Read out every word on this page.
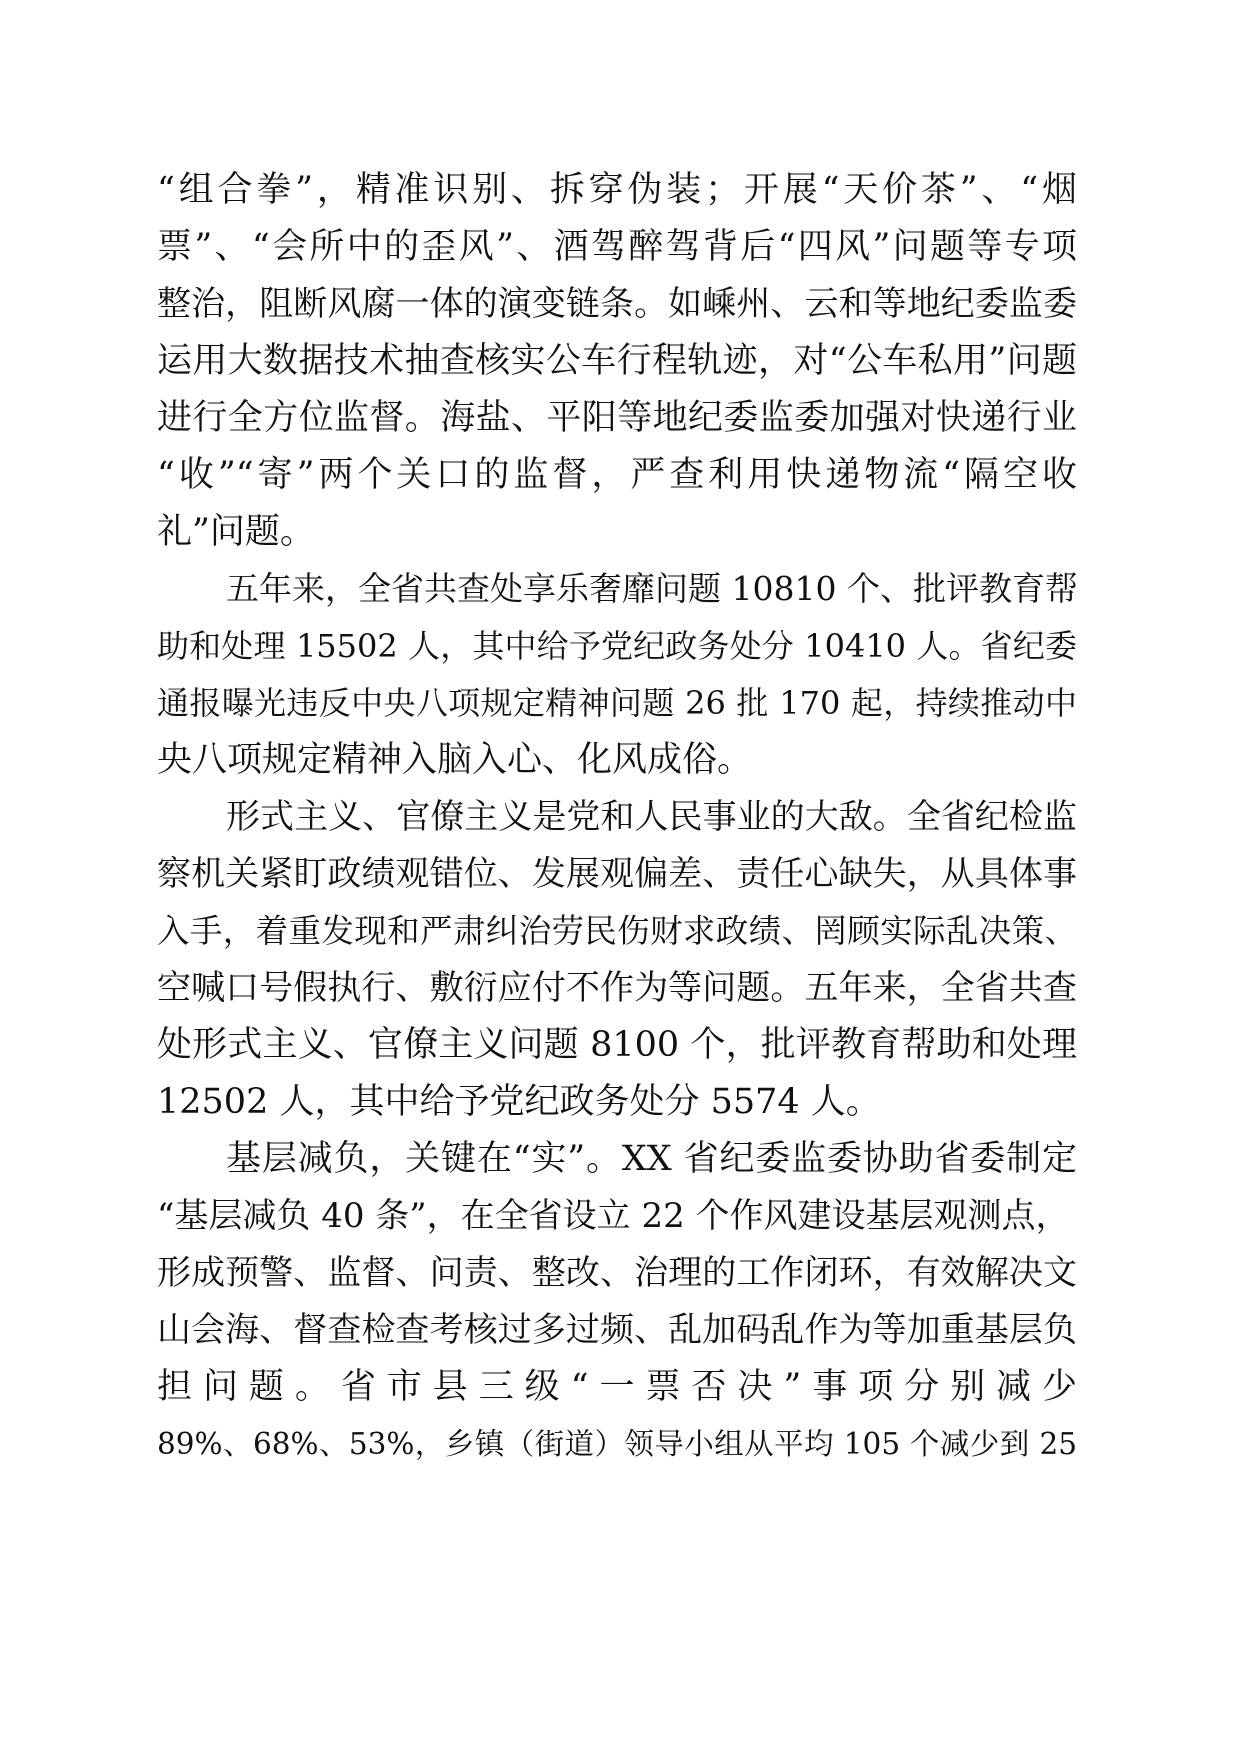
“组合拳”，精准识别、拆穿伪装；开展“天价茶”、“烟
票”、“会所中的歪风”、酒驾醉驾背后“四风”问题等专项
整治，阻断风腐一体的演变链条。如嵊州、云和等地纪委监委
运用大数据技术抽查核实公车行程轨迹，对“公车私用”问题
进行全方位监督。海盐、平阳等地纪委监委加强对快递行业
“收”“寄”两个关口的监督，严查利用快递物流“隔空收
礼”问题。
五年来，全省共查处享乐奢靡问题 10810 个、批评教育帮
助和处理 15502 人，其中给予党纪政务处分 10410 人。省纪委
通报曝光违反中央八项规定精神问题 26 批 170 起，持续推动中
央八项规定精神入脑入心、化风成俗。
形式主义、官僚主义是党和人民事业的大敌。全省纪检监
察机关紧盯政绩观错位、发展观偏差、责任心缺失，从具体事
入手，着重发现和严肃纠治劳民伤财求政绩、罔顾实际乱决策、
空喊口号假执行、敷衍应付不作为等问题。五年来，全省共查
处形式主义、官僚主义问题 8100 个，批评教育帮助和处理
12502 人，其中给予党纪政务处分 5574 人。
基层减负，关键在“实”。XX 省纪委监委协助省委制定
“基层减负 40 条”，在全省设立 22 个作风建设基层观测点，
形成预警、监督、问责、整改、治理的工作闭环，有效解决文
山会海、督查检查考核过多过频、乱加码乱作为等加重基层负
担问题。省市县三级“一票否决”事项分别减少
89%、68%、53%，乡镇（街道）领导小组从平均 105 个减少到 25
